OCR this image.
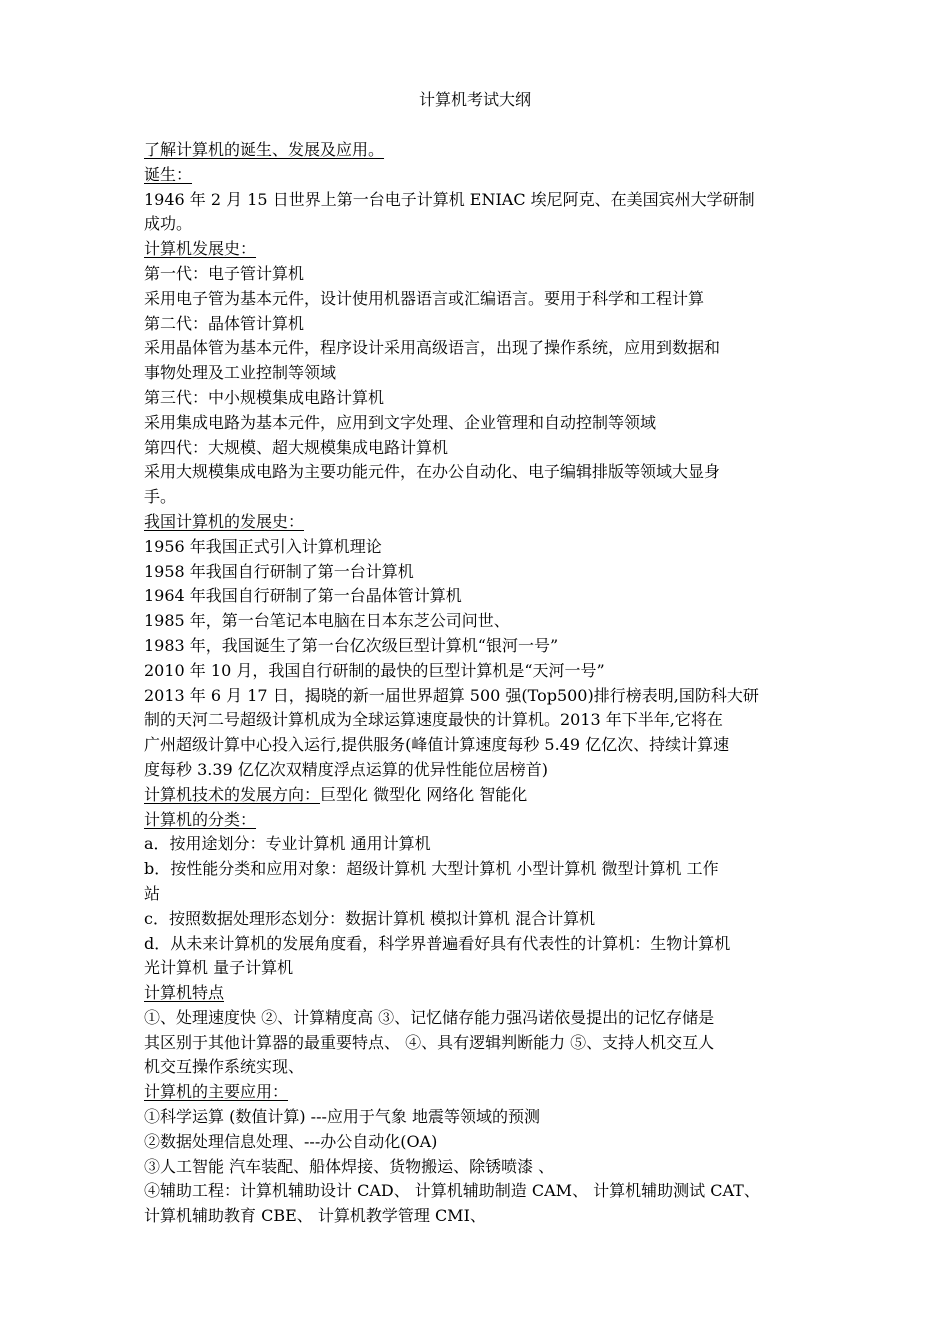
计算机考试大纲
了解计算机的诞生、发展及应用。
诞生：
1946 年 2 月 15 日世界上第一台电子计算机 ENIAC 埃尼阿克、在美国宾州大学研制
成功。
计算机发展史：
第一代：电子管计算机
采用电子管为基本元件，设计使用机器语言或汇编语言。要用于科学和工程计算
第二代：晶体管计算机
采用晶体管为基本元件，程序设计采用高级语言，出现了操作系统，应用到数据和
事物处理及工业控制等领域
第三代：中小规模集成电路计算机
采用集成电路为基本元件，应用到文字处理、企业管理和自动控制等领域
第四代：大规模、超大规模集成电路计算机
采用大规模集成电路为主要功能元件，在办公自动化、电子编辑排版等领域大显身
手。
我国计算机的发展史：
1956 年我国正式引入计算机理论
1958 年我国自行研制了第一台计算机
1964 年我国自行研制了第一台晶体管计算机
1985 年，第一台笔记本电脑在日本东芝公司问世、
1983 年，我国诞生了第一台亿次级巨型计算机“银河一号”
2010 年 10 月，我国自行研制的最快的巨型计算机是“天河一号”
2013 年 6 月 17 日，揭晓的新一届世界超算 500 强(Top500)排行榜表明,国防科大研
制的天河二号超级计算机成为全球运算速度最快的计算机。2013 年下半年,它将在
广州超级计算中心投入运行,提供服务(峰值计算速度每秒 5.49 亿亿次、持续计算速
度每秒 3.39 亿亿次双精度浮点运算的优异性能位居榜首)
计算机技术的发展方向：巨型化 微型化 网络化 智能化
计算机的分类：
a．按用途划分：专业计算机 通用计算机
b．按性能分类和应用对象：超级计算机 大型计算机 小型计算机 微型计算机 工作
站
c．按照数据处理形态划分：数据计算机 模拟计算机 混合计算机
d．从未来计算机的发展角度看，科学界普遍看好具有代表性的计算机：生物计算机
光计算机 量子计算机
计算机特点
①、处理速度快 ②、计算精度高 ③、记忆储存能力强冯诺依曼提出的记忆存储是
其区别于其他计算器的最重要特点、 ④、具有逻辑判断能力 ⑤、支持人机交互人
机交互操作系统实现、
计算机的主要应用：
①科学运算 (数值计算) ---应用于气象 地震等领域的预测
②数据处理信息处理、---办公自动化(OA)
③人工智能 汽车装配、船体焊接、货物搬运、除锈喷漆 、
④辅助工程：计算机辅助设计 CAD、 计算机辅助制造 CAM、 计算机辅助测试 CAT、
计算机辅助教育 CBE、 计算机教学管理 CMI、
